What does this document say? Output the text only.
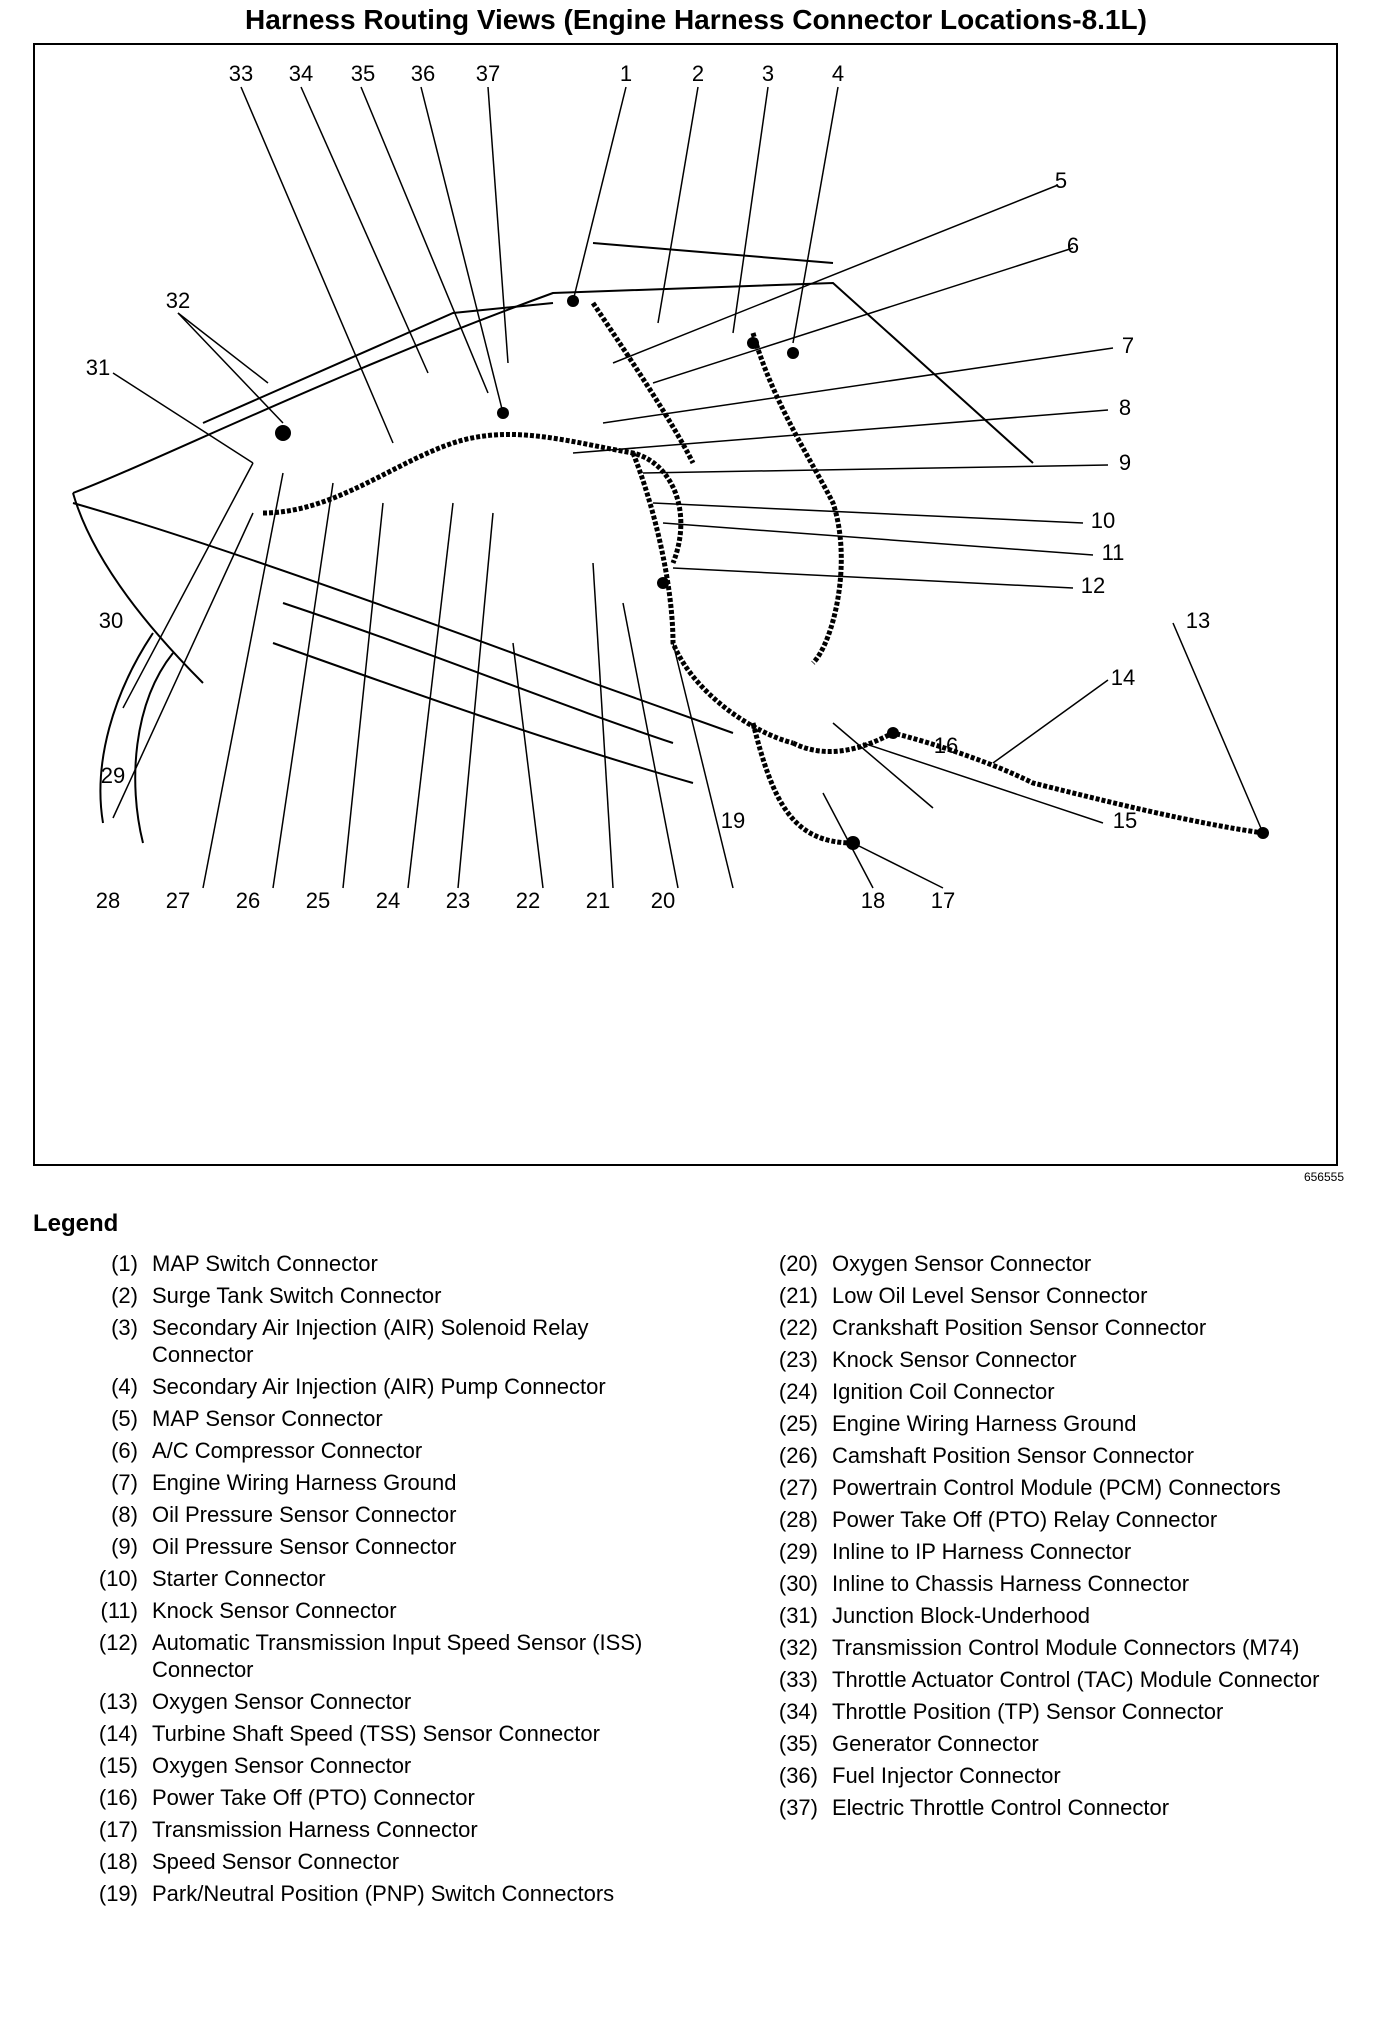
Harness Routing Views (Engine Harness Connector Locations-8.1L)
1	2	3	4
5
6
7
8
9
10
11
12
13
14
15
16
17
18
19
20
21
22
23
24
25
26
27
28
29
30
31
32
33 34 35 36 37
656555
Legend
(1) MAP Switch Connector
(2) Surge Tank Switch Connector
(3) Secondary Air Injection (AIR) Solenoid Relay Connector
(4) Secondary Air Injection (AIR) Pump Connector
(5) MAP Sensor Connector
(6) A/C Compressor Connector
(7) Engine Wiring Harness Ground
(8) Oil Pressure Sensor Connector
(9) Oil Pressure Sensor Connector
(10) Starter Connector
(11) Knock Sensor Connector
(12) Automatic Transmission Input Speed Sensor (ISS) Connector
(13) Oxygen Sensor Connector
(14) Turbine Shaft Speed (TSS) Sensor Connector
(15) Oxygen Sensor Connector
(16) Power Take Off (PTO) Connector
(17) Transmission Harness Connector
(18) Speed Sensor Connector
(19) Park/Neutral Position (PNP) Switch Connectors
(20) Oxygen Sensor Connector
(21) Low Oil Level Sensor Connector
(22) Crankshaft Position Sensor Connector
(23) Knock Sensor Connector
(24) Ignition Coil Connector
(25) Engine Wiring Harness Ground
(26) Camshaft Position Sensor Connector
(27) Powertrain Control Module (PCM) Connectors
(28) Power Take Off (PTO) Relay Connector
(29) Inline to IP Harness Connector
(30) Inline to Chassis Harness Connector
(31) Junction Block-Underhood
(32) Transmission Control Module Connectors (M74)
(33) Throttle Actuator Control (TAC) Module Connector
(34) Throttle Position (TP) Sensor Connector
(35) Generator Connector
(36) Fuel Injector Connector
(37) Electric Throttle Control Connector
